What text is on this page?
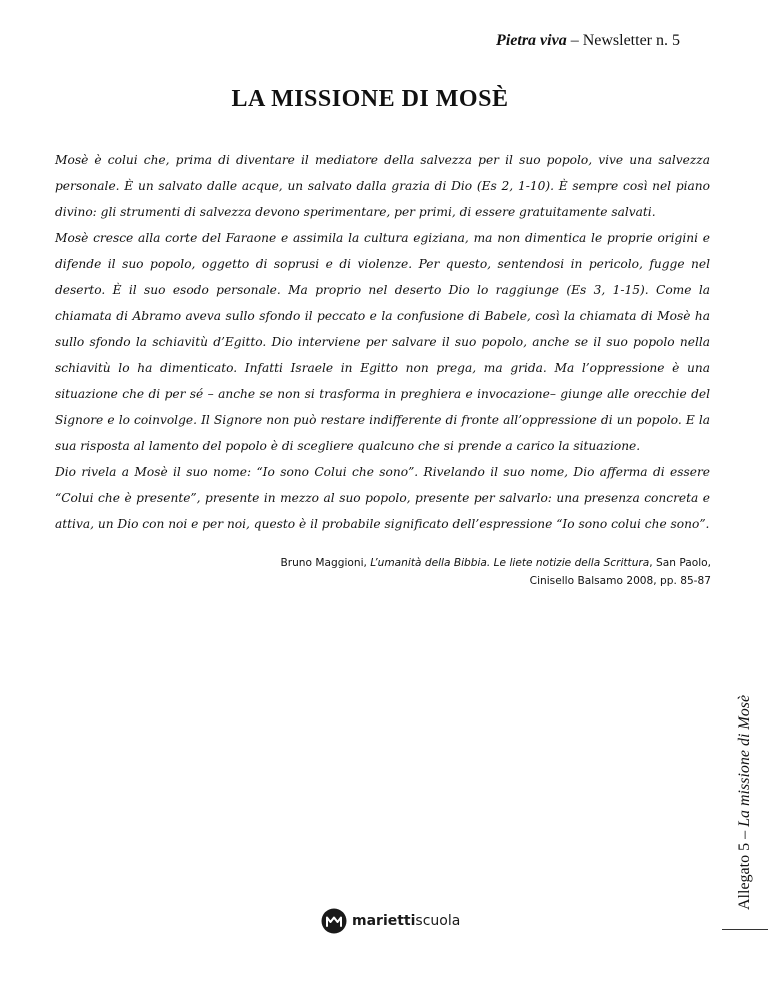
Pietra viva – Newsletter n. 5
LA MISSIONE DI MOSÈ

Mosè è colui che, prima di diventare il mediatore della salvezza per il suo popolo, vive una salvezza personale. È un salvato dalle acque, un salvato dalla grazia di Dio (Es 2, 1-10). È sempre così nel piano divino: gli strumenti di salvezza devono sperimentare, per primi, di essere gratuitamente salvati.

Mosè cresce alla corte del Faraone e assimila la cultura egiziana, ma non dimentica le proprie origini e difende il suo popolo, oggetto di soprusi e di violenze. Per questo, sentendosi in pericolo, fugge nel deserto. È il suo esodo personale. Ma proprio nel deserto Dio lo raggiunge (Es 3, 1-15). Come la chiamata di Abramo aveva sullo sfondo il peccato e la confusione di Babele, così la chiamata di Mosè ha sullo sfondo la schiavitù d’Egitto. Dio interviene per salvare il suo popolo, anche se il suo popolo nella schiavitù lo ha dimenticato. Infatti Israele in Egitto non prega, ma grida. Ma l’oppressione è una situazione che di per sé – anche se non si trasforma in preghiera e invocazione– giunge alle orecchie del Signore e lo coinvolge. Il Signore non può restare indifferente di fronte all’oppressione di un popolo. E la sua risposta al lamento del popolo è di scegliere qualcuno che si prende a carico la situazione.

Dio rivela a Mosè il suo nome: “Io sono Colui che sono”. Rivelando il suo nome, Dio afferma di essere “Colui che è presente”, presente in mezzo al suo popolo, presente per salvarlo: una presenza concreta e attiva, un Dio con noi e per noi, questo è il probabile significato dell’espressione “Io sono colui che sono”.

Bruno Maggioni, L’umanità della Bibbia. Le liete notizie della Scrittura, San Paolo,
Cinisello Balsamo 2008, pp. 85-87
Allegato 5 – La missione di Mosè
mariettiscuola
